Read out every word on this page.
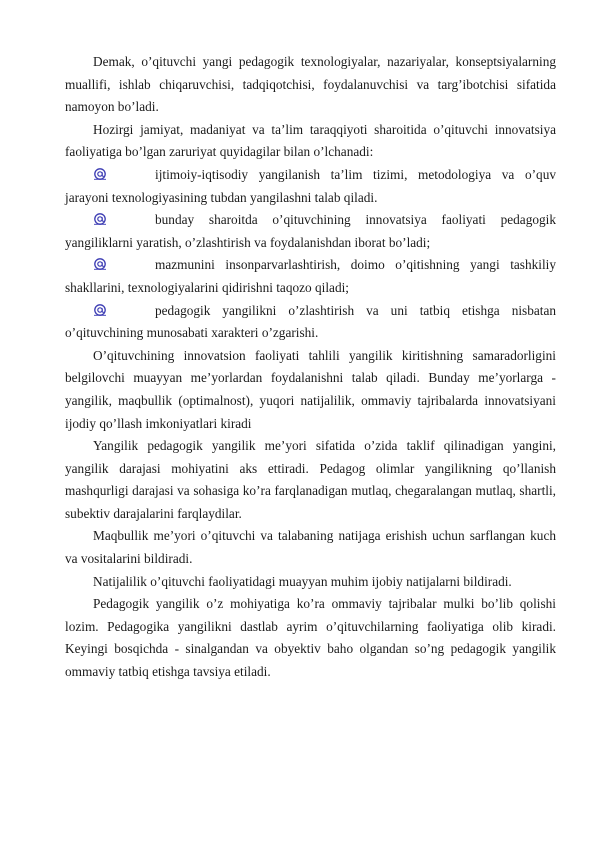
Demak, o’qituvchi yangi pedagogik texnologiyalar, nazariyalar, konseptsiyalarning muallifi, ishlab chiqaruvchisi, tadqiqotchisi, foydalanuvchisi va targ’ibotchisi sifatida namoyon bo’ladi.

Hozirgi jamiyat, madaniyat va ta’lim taraqqiyoti sharoitida o’qituvchi innovatsiya faoliyatiga bo’lgan zaruriyat quyidagilar bilan o’lchanadi:

ijtimoiy-iqtisodiy yangilanish ta’lim tizimi, metodologiya va o’quv jarayoni texnologiyasining tubdan yangilashni talab qiladi.

bunday sharoitda o’qituvchining innovatsiya faoliyati pedagogik yangiliklarni yaratish, o’zlashtirish va foydalanishdan iborat bo’ladi;

mazmunini insonparvarlashtirish, doimo o’qitishning yangi tashkiliy shakllarini, texnologiyalarini qidirishni taqozo qiladi;

pedagogik yangilikni o’zlashtirish va uni tatbiq etishga nisbatan o’qituvchining munosabati xarakteri o’zgarishi.

O’qituvchining innovatsion faoliyati tahlili yangilik kiritishning samaradorligini belgilovchi muayyan me’yorlardan foydalanishni talab qiladi. Bunday me’yorlarga - yangilik, maqbullik (optimalnost), yuqori natijalilik, ommaviy tajribalarda innovatsiyani ijodiy qo’llash imkoniyatlari kiradi

Yangilik pedagogik yangilik me’yori sifatida o’zida taklif qilinadigan yangini, yangilik darajasi mohiyatini aks ettiradi. Pedagog olimlar yangilikning qo’llanish mashqurligi darajasi va sohasiga ko’ra farqlanadigan mutlaq, chegaralangan mutlaq, shartli, subektiv darajalarini farqlaydilar.

Maqbullik me’yori o’qituvchi va talabaning natijaga erishish uchun sarflangan kuch va vositalarini bildiradi.

Natijalilik o’qituvchi faoliyatidagi muayyan muhim ijobiy natijalarni bildiradi.

Pedagogik yangilik o’z mohiyatiga ko’ra ommaviy tajribalar mulki bo’lib qolishi lozim. Pedagogika yangilikni dastlab ayrim o’qituvchilarning faoliyatiga olib kiradi. Keyingi bosqichda - sinalgandan va obyektiv baho olgandan so’ng pedagogik yangilik ommaviy tatbiq etishga tavsiya etiladi.
